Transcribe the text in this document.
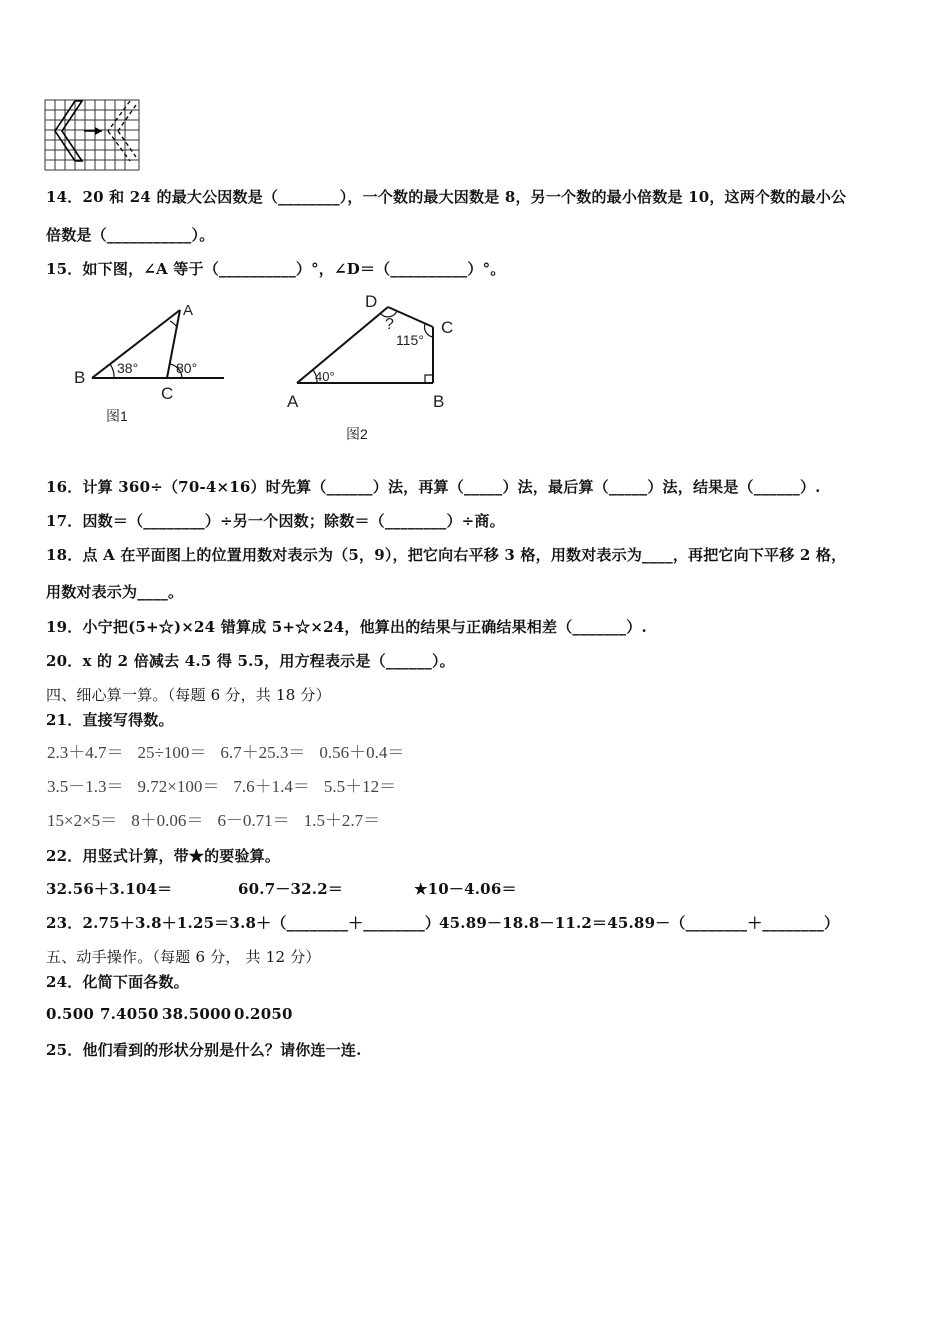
14．20 和 24 的最大公因数是（________），一个数的最大因数是 8，另一个数的最小倍数是 10，这两个数的最小公
倍数是（___________）。
15．如下图，∠A 等于（__________）°，∠D＝（__________）°。
A
B
C
38°	80°
图1
D
C
A	B
?
115°
40°
图2
16．计算 360÷（70-4×16）时先算（______）法，再算（_____）法，最后算（_____）法，结果是（______）.
17．因数＝（________）÷另一个因数；除数＝（________）÷商。
18．点 A 在平面图上的位置用数对表示为（5，9），把它向右平移 3 格，用数对表示为____，再把它向下平移 2 格，
用数对表示为____。
19．小宁把(5+☆)×24 错算成 5+☆×24，他算出的结果与正确结果相差（_______）.
20．x 的 2 倍减去 4.5 得 5.5，用方程表示是（______）。
四、细心算一算。（每题 6 分，共 18 分）
21．直接写得数。
2.3＋4.7＝ 25÷100＝ 6.7＋25.3＝ 0.56＋0.4＝
3.5－1.3＝ 9.72×100＝ 7.6＋1.4＝ 5.5＋12＝
15×2×5＝ 8＋0.06＝ 6－0.71＝ 1.5＋2.7＝
22．用竖式计算，带★的要验算。
32.56＋3.104＝	60.7－32.2＝	★10－4.06＝
23．2.75＋3.8＋1.25＝3.8＋（________＋________）
45.89－18.8－11.2＝45.89－（________＋________）
五、动手操作。（每题 6 分， 共 12 分）
24．化简下面各数。
0.500 7.4050 38.5000 0.2050
25．他们看到的形状分别是什么？请你连一连.
